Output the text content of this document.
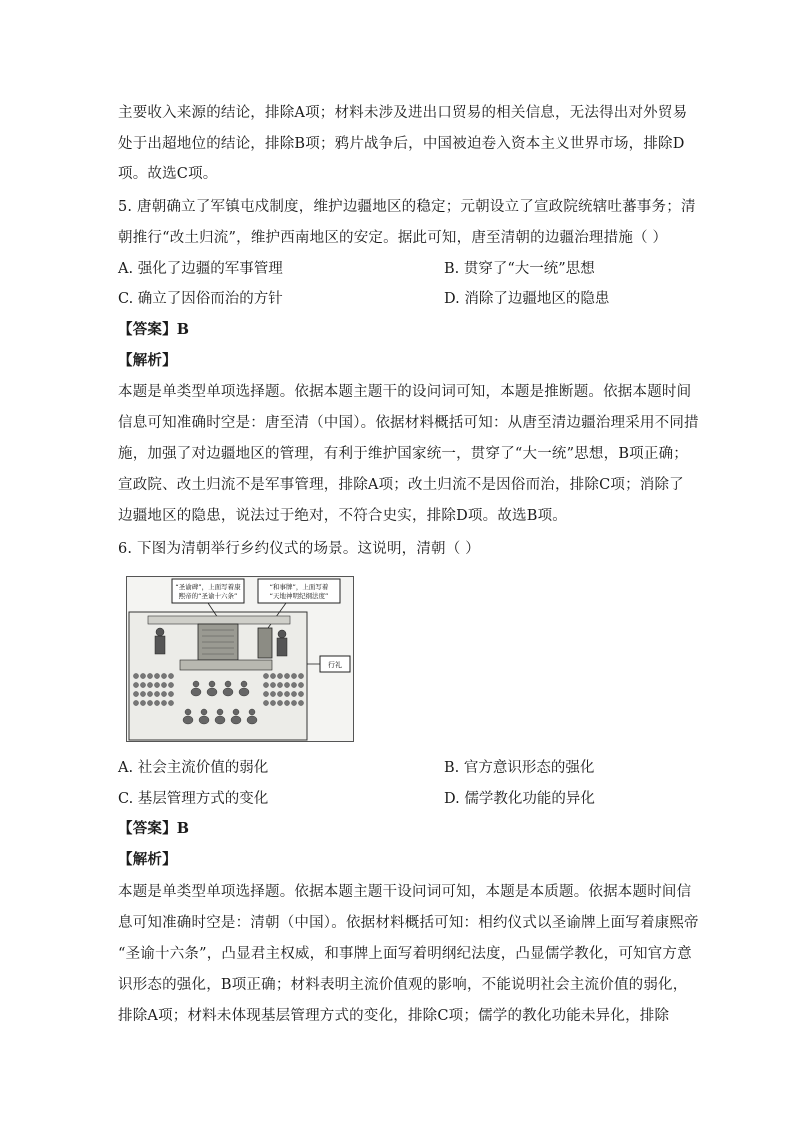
主要收入来源的结论，排除A项；材料未涉及进出口贸易的相关信息，无法得出对外贸易
处于出超地位的结论，排除B项；鸦片战争后，中国被迫卷入资本主义世界市场，排除D
项。故选C项。
5. 唐朝确立了军镇屯戍制度，维护边疆地区的稳定；元朝设立了宣政院统辖吐蕃事务；清
朝推行“改土归流”，维护西南地区的安定。据此可知，唐至清朝的边疆治理措施（ ）
A. 强化了边疆的军事管理	B. 贯穿了“大一统”思想
C. 确立了因俗而治的方针	D. 消除了边疆地区的隐患
【答案】B
【解析】
本题是单类型单项选择题。依据本题主题干的设问词可知，本题是推断题。依据本题时间
信息可知准确时空是：唐至清（中国）。依据材料概括可知：从唐至清边疆治理采用不同措
施，加强了对边疆地区的管理，有利于维护国家统一，贯穿了“大一统”思想，B项正确；
宣政院、改土归流不是军事管理，排除A项；改土归流不是因俗而治，排除C项；消除了
边疆地区的隐患，说法过于绝对，不符合史实，排除D项。故选B项。
6. 下图为清朝举行乡约仪式的场景。这说明，清朝（ ）
“圣谕碑”，上面写着康
熙帝的“圣谕十六条”
“和事牌”，上面写着
“天地神明纪纲法度”
行礼
A. 社会主流价值的弱化	B. 官方意识形态的强化
C. 基层管理方式的变化	D. 儒学教化功能的异化
【答案】B
【解析】
本题是单类型单项选择题。依据本题主题干设问词可知，本题是本质题。依据本题时间信
息可知准确时空是：清朝（中国）。依据材料概括可知：相约仪式以圣谕牌上面写着康熙帝
“圣谕十六条”，凸显君主权威，和事牌上面写着明纲纪法度，凸显儒学教化，可知官方意
识形态的强化，B项正确；材料表明主流价值观的影响，不能说明社会主流价值的弱化，
排除A项；材料未体现基层管理方式的变化，排除C项；儒学的教化功能未异化，排除
